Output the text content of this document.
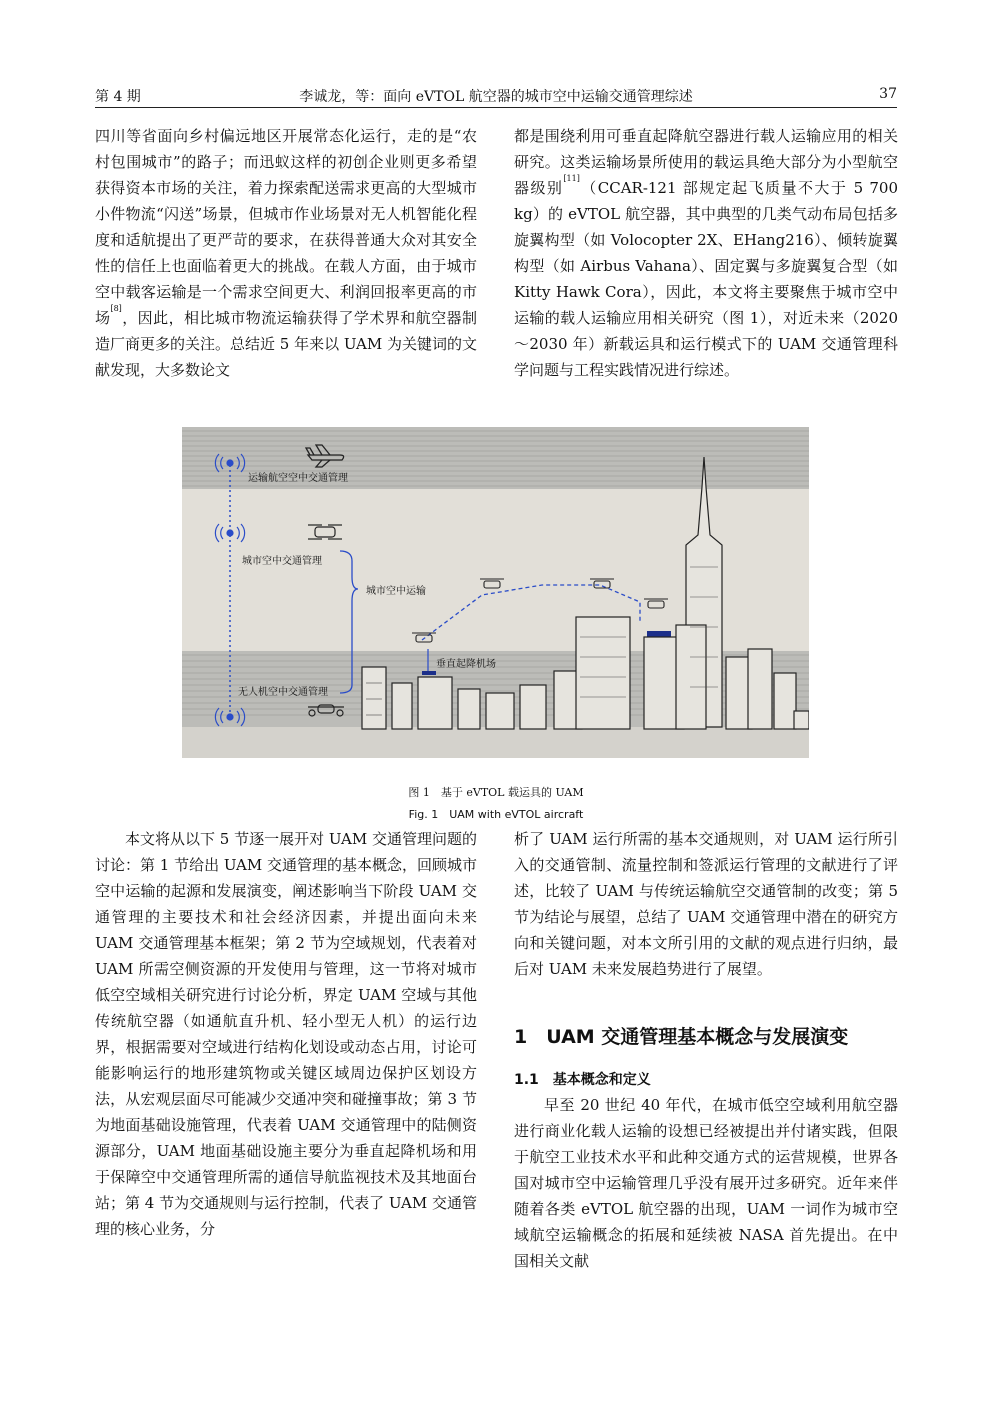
第 4 期	李诚龙，等：面向 eVTOL 航空器的城市空中运输交通管理综述	37

四川等省面向乡村偏远地区开展常态化运行，走的是“农村包围城市”的路子；而迅蚁这样的初创企业则更多希望获得资本市场的关注，着力探索配送需求更高的大型城市小件物流“闪送”场景，但城市作业场景对无人机智能化程度和适航提出了更严苛的要求，在获得普通大众对其安全性的信任上也面临着更大的挑战。在载人方面，由于城市空中载客运输是一个需求空间更大、利润回报率更高的市场[8]，因此，相比城市物流运输获得了学术界和航空器制造厂商更多的关注。总结近 5 年来以 UAM 为关键词的文献发现，大多数论文

都是围绕利用可垂直起降航空器进行载人运输应用的相关研究。这类运输场景所使用的载运具绝大部分为小型航空器级别[11]（CCAR-121 部规定起飞质量不大于 5 700 kg）的 eVTOL 航空器，其中典型的几类气动布局包括多旋翼构型（如 Volocopter 2X、EHang216）、倾转旋翼构型（如 Airbus Vahana）、固定翼与多旋翼复合型（如 Kitty Hawk Cora），因此，本文将主要聚焦于城市空中运输的载人运输应用相关研究（图 1），对近未来（2020～2030 年）新载运具和运行模式下的 UAM 交通管理科学问题与工程实践情况进行综述。

运输航空空中交通管理
城市空中交通管理
城市空中运输
垂直起降机场
无人机空中交通管理
图 1　基于 eVTOL 载运具的 UAM
Fig. 1　UAM with eVTOL aircraft

本文将从以下 5 节逐一展开对 UAM 交通管理问题的讨论：第 1 节给出 UAM 交通管理的基本概念，回顾城市空中运输的起源和发展演变，阐述影响当下阶段 UAM 交通管理的主要技术和社会经济因素，并提出面向未来 UAM 交通管理基本框架；第 2 节为空域规划，代表着对 UAM 所需空侧资源的开发使用与管理，这一节将对城市低空空域相关研究进行讨论分析，界定 UAM 空域与其他传统航空器（如通航直升机、轻小型无人机）的运行边界，根据需要对空域进行结构化划设或动态占用，讨论可能影响运行的地形建筑物或关键区域周边保护区划设方法，从宏观层面尽可能减少交通冲突和碰撞事故；第 3 节为地面基础设施管理，代表着 UAM 交通管理中的陆侧资源部分，UAM 地面基础设施主要分为垂直起降机场和用于保障空中交通管理所需的通信导航监视技术及其地面台站；第 4 节为交通规则与运行控制，代表了 UAM 交通管理的核心业务，分

析了 UAM 运行所需的基本交通规则，对 UAM 运行所引入的交通管制、流量控制和签派运行管理的文献进行了评述，比较了 UAM 与传统运输航空交通管制的改变；第 5 节为结论与展望，总结了 UAM 交通管理中潜在的研究方向和关键问题，对本文所引用的文献的观点进行归纳，最后对 UAM 未来发展趋势进行了展望。

1　UAM 交通管理基本概念与发展演变
1.1　基本概念和定义

早至 20 世纪 40 年代，在城市低空空域利用航空器进行商业化载人运输的设想已经被提出并付诸实践，但限于航空工业技术水平和此种交通方式的运营规模，世界各国对城市空中运输管理几乎没有展开过多研究。近年来伴随着各类 eVTOL 航空器的出现，UAM 一词作为城市空域航空运输概念的拓展和延续被 NASA 首先提出。在中国相关文献
